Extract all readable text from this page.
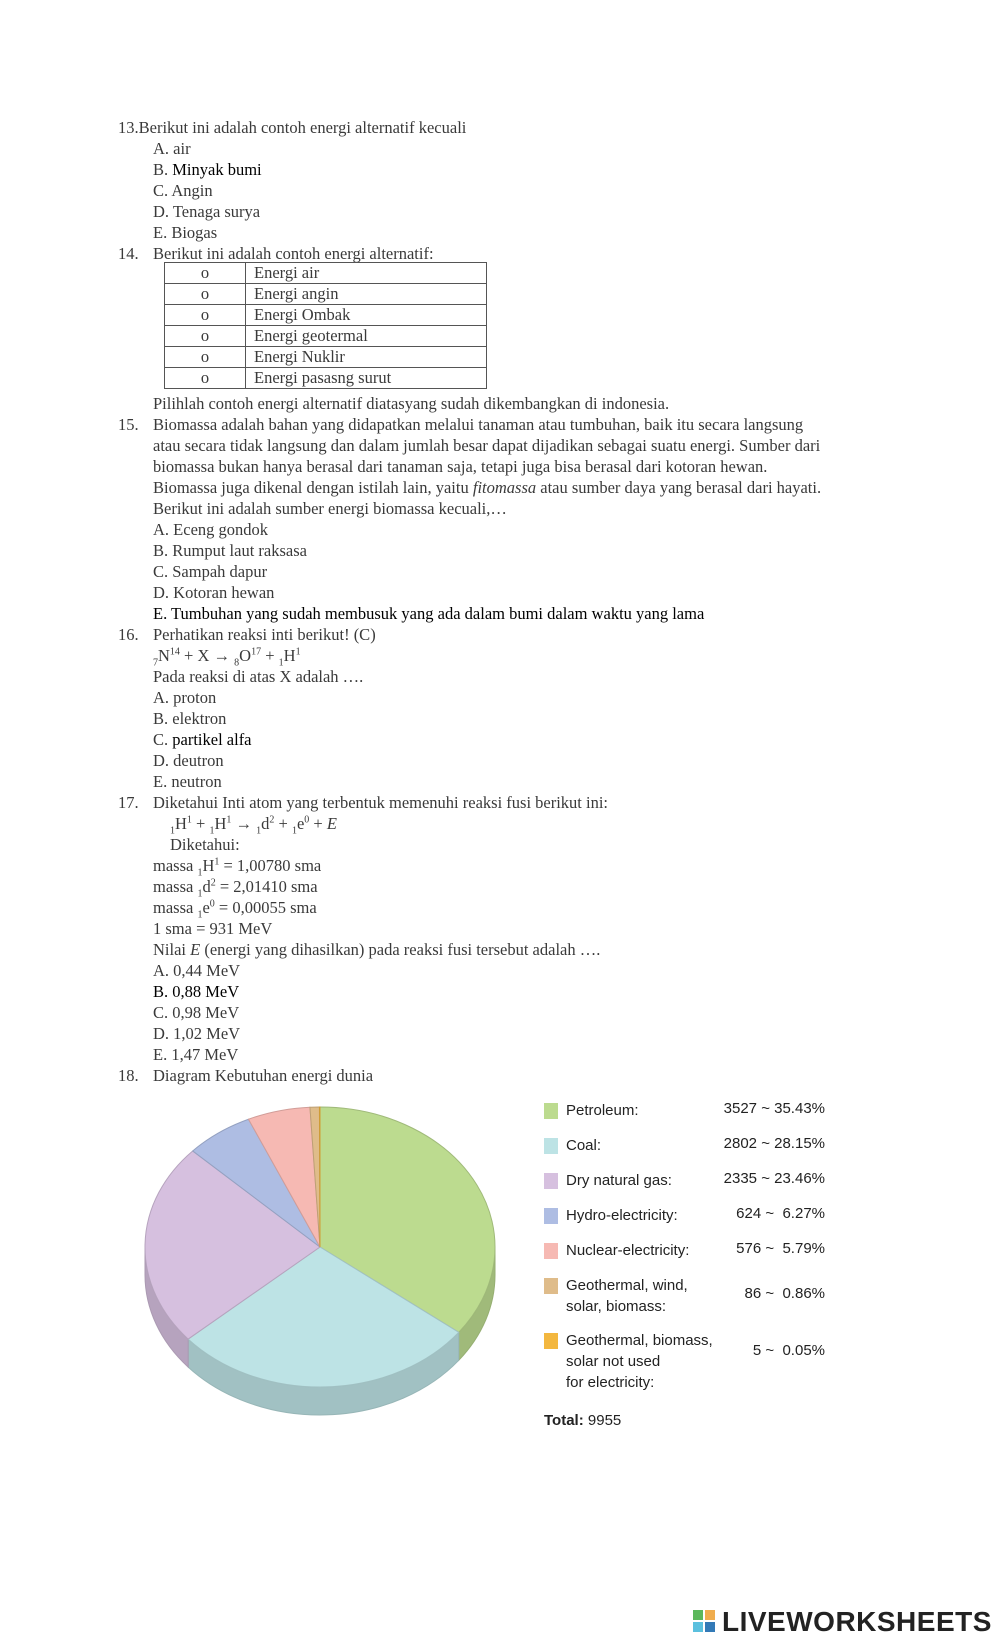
13.Berikut ini adalah contoh energi alternatif kecuali
A. air
B. Minyak bumi
C. Angin
D. Tenaga surya
E. Biogas
14. Berikut ini adalah contoh energi alternatif:
o	Energi air
o	Energi angin
o	Energi Ombak
o	Energi geotermal
o	Energi Nuklir
o	Energi pasasng surut
Pilihlah contoh energi alternatif diatasyang sudah dikembangkan di indonesia.
15. Biomassa adalah bahan yang didapatkan melalui tanaman atau tumbuhan, baik itu secara langsung
atau secara tidak langsung dan dalam jumlah besar dapat dijadikan sebagai suatu energi. Sumber dari
biomassa bukan hanya berasal dari tanaman saja, tetapi juga bisa berasal dari kotoran hewan.
Biomassa juga dikenal dengan istilah lain, yaitu fitomassa atau sumber daya yang berasal dari hayati.
Berikut ini adalah sumber energi biomassa kecuali,…
A. Eceng gondok
B. Rumput laut raksasa
C. Sampah dapur
D. Kotoran hewan
E. Tumbuhan yang sudah membusuk yang ada dalam bumi dalam waktu yang lama
16. Perhatikan reaksi inti berikut! (C)
$_7N^{14} + X \to _8O^{17} + _1H^1$
Pada reaksi di atas X adalah ….
A. proton
B. elektron
C. partikel alfa
D. deutron
E. neutron
17. Diketahui Inti atom yang terbentuk memenuhi reaksi fusi berikut ini:
$_1H^1 + _1H^1 \to _1d^2 + _1e^0 + E$
Diketahui:
massa $_1H^1 = 1,00780$ sma
massa $_1d^2 = 2,01410$ sma
massa $_1e^0 = 0,00055$ sma
1 sma = 931 MeV
Nilai E (energi yang dihasilkan) pada reaksi fusi tersebut adalah ….
A. 0,44 MeV
B. 0,88 MeV
C. 0,98 MeV
D. 1,02 MeV
E. 1,47 MeV
18. Diagram Kebutuhan energi dunia
Petroleum:	3527 ~ 35.43%
Coal:	2802 ~ 28.15%
Dry natural gas:	2335 ~ 23.46%
Hydro-electricity:	624 ~  6.27%
Nuclear-electricity:	576 ~  5.79%
Geothermal, wind,
solar, biomass:
86 ~  0.86%
Geothermal, biomass,
solar not used
for electricity:
5 ~  0.05%
Total: 9955
LIVEWORKSHEETS
